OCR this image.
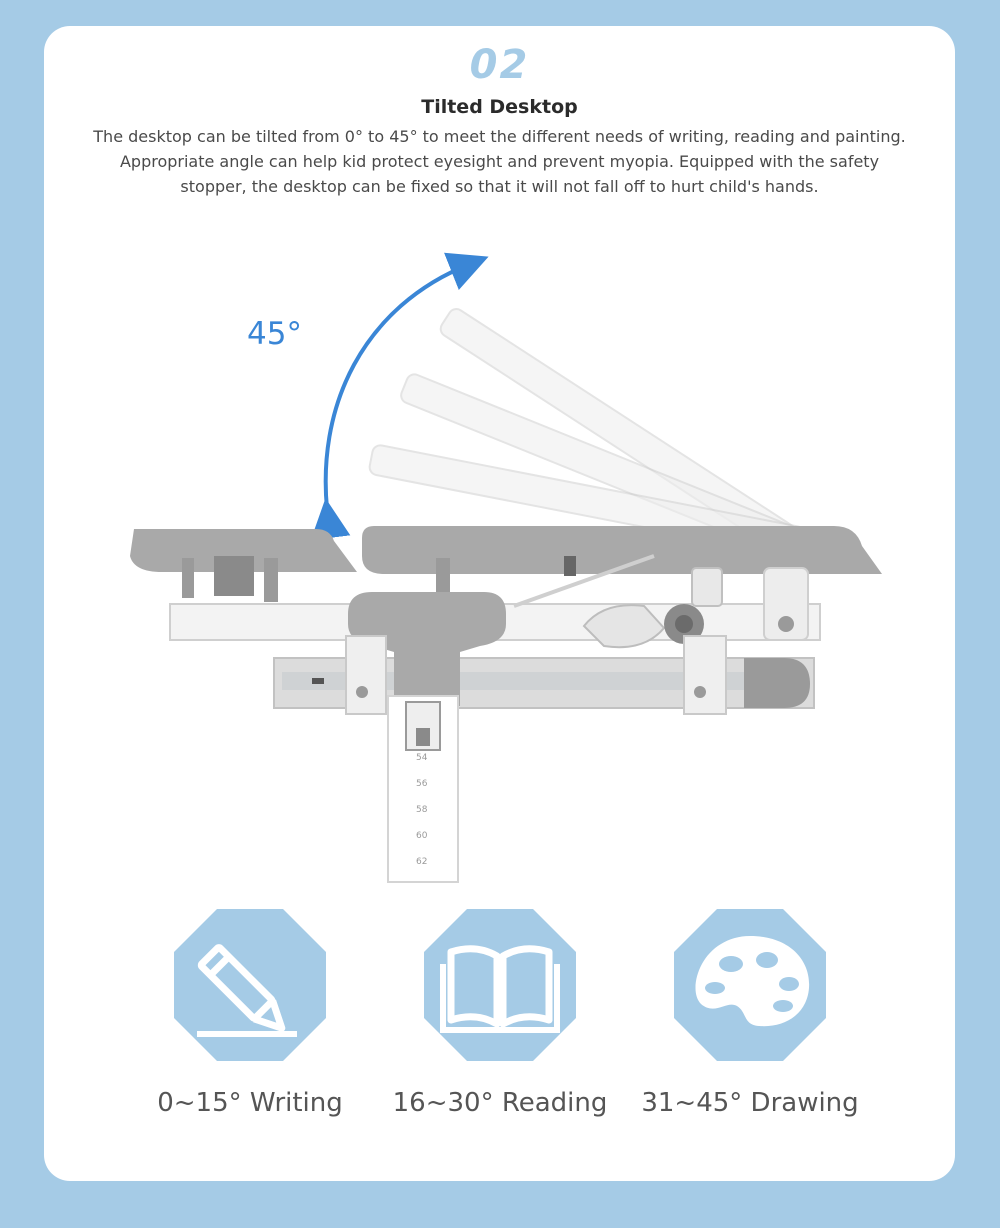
02
Tilted Desktop
The desktop can be tilted from 0° to 45° to meet the different needs of writing, reading and painting.
Appropriate angle can help kid protect eyesight and prevent myopia. Equipped with the safety
stopper, the desktop can be fixed so that it will not fall off to hurt child's hands.
54
56
58
60
62
45°
0~15° Writing	16~30° Reading	31~45° Drawing
